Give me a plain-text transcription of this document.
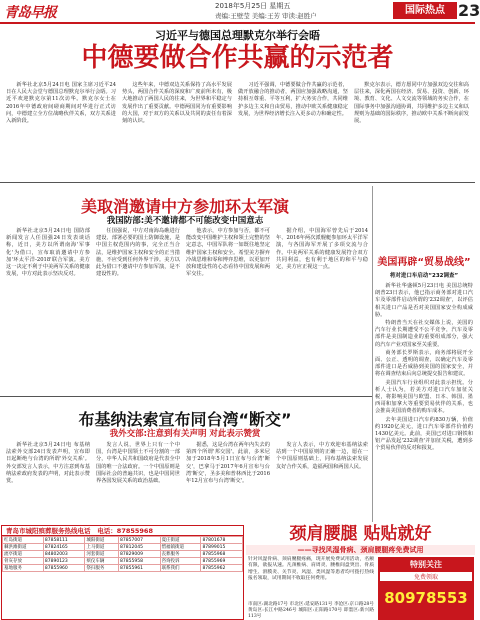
青岛早报	2018年5月25日 星期五
责编:王壁莹 美编:王芳 审读:赵胜户	国际热点 23
习近平与德国总理默克尔举行会晤
中德要做合作共赢的示范者

新华社北京5月24日电 国家主席习近平24日在人民大会堂与德国总理默克尔举行会晤。习近平欢迎默克尔第11次访华。默克尔女士在2016年中德政府间磋商期间对华进行正式访问，中德建立全方位战略伙伴关系，双方关系进入新阶段。

这些年来，中德双边关系保持了高水平发展势头，两国合作关系的深度和广度前所未有，极大地推动了两国人民的往来，为世界和平稳定与发展作出了重要贡献。中德两国同为有重要影响的大国，对于双方的关系以及共同的责任有着深刻的认识。

习近平强调，中德要做合作共赢的示范者，做开放融合的推动者，两国应加强战略沟通，坚持相互尊重、平等互利，扩大务实合作，共同维护多边主义和自由贸易，推动中欧关系健康稳定发展，为世界经济增长注入更多动力和确定性。

默克尔表示，德方愿同中方加强双边交往和高层往来，深化两国在经济、贸易、投资、创新、环境、教育、文化、人文交流等领域的务实合作，在国际事务中加强沟通协调，共同维护多边主义和以规则为基础的国际秩序，推动欧中关系不断向前发展。

美取消邀请中方参加环太军演
我国防部:美不邀请都不可能改变中国意志

新华社北京5月24日电 国防部新闻发言人任国强24日发表谈话称，近日，美方以所谓南海'军事化'为借口，宣布取消邀请中方参加'环太平洋-2018'联合军演。美方这一决定不利于中美两军关系的健康发展，中方对此表示坚决反对。

任国强说，中方对南海岛礁进行建设、部署必要的国土防御设施，是中国主权范围内的事，完全正当合法，是维护国家主权和安全的正当措施，不应受到任何外界干涉。美方以此为借口不邀请中方参加军演，是不建设性的。

他表示，中方参加与否，都不可能改变中国维护主权和领土完整的坚定意志，中国军队将一如既往地坚定维护国家主权和安全。希望美方摒弃冷战思维和零和博弈思维，以更加开放和建设性的心态看待中国发展和两军交往。

据介绍，中国海军曾先后于2014年、2016年两次派舰艇参加环太平洋军演，与各国海军开展了多项交流与合作。中美两军关系的健康发展符合双方共同利益，也有利于地区的和平与稳定，美方应正视这一点。

布基纳法索宣布同台湾“断交”
我外交部:注意到有关声明 对此表示赞赏

新华社北京5月24日电 布基纳法索外交部24日发表声明，宣布即日起断绝与台湾的所谓'外交关系'。外交部发言人表示，中方注意到布基纳法索政府发表的声明，对此表示赞赏。

发言人说，世界上只有一个中国，台湾是中国领土不可分割的一部分，中华人民共和国政府是代表全中国的唯一合法政府。一个中国原则是国际社会的普遍共识，也是中国同世界各国发展关系的政治基础。

据悉，这是台湾在两年内失去的第四个所谓'邦交国'。此前，多米尼加于2018年5月1日宣布与台湾'断交'，巴拿马于2017年6月宣布与台湾'断交'，圣多美和普林西比于2016年12月宣布与台湾'断交'。

发言人表示，中方欢迎布基纳法索站到一个中国原则的正确一边，愿在一个中国原则基础上，同布基纳法索发展友好合作关系，造福两国和两国人民。

美国再辟“贸易战线”
将对进口车启动“232调查”

新华社华盛顿5月23日电 美国总统特朗普23日表示，他已指示商务部对进口汽车及零部件启动所谓的'232调查'，以评估相关进口产品是否对美国国家安全构成威胁。

特朗普当天在社交媒体上说，美国的汽车行业长期遭受不公平竞争，汽车及零部件是美国制造业的重要组成部分，强大的汽车产业对国家至关重要。

商务部长罗斯表示，商务部将展开全面、公正、透明的调查，以确定汽车及零部件进口是否威胁到美国的国家安全，并将在调查结束后向总统提交报告和建议。

美国汽车行业组织对此表示担忧。分析人士认为，若美方对进口汽车加征关税，将影响美国与欧盟、日本、韩国、墨西哥和加拿大等重要贸易伙伴的关系，也会推高美国消费者的购车成本。

去年美国进口汽车约830万辆，价值约1920亿美元，进口汽车零部件价值约1430亿美元。此前，美国已对进口钢铁和铝产品发起'232调查'并加征关税，遭到多个贸易伙伴的反对和报复。

青岛市城阳殡葬服务热线电话 电话：87855968
红岛街道	87858111	城阳街道	87857007	夏庄街道	87801678
棘洪滩街道	87824165	上马街道	87812045	惜福镇街道	87899015
流亭街道	84802003	河套街道	87829009	丧葬服务	87855968
骨灰存放	87890123	殡仪车辆	87855958	咨询投诉	87855969
墓地服务	87855960	祭扫服务	87855961	联系我们	87855962
颈肩腰腿 贴贴就好
——寻找风湿骨病、颈肩腰腿疼免费试用
针对风湿骨病、颈肩腰腿疼痛，现开展免费试用活动，名额有限，欲报从速。凡颈椎病、肩周炎、腰椎间盘突出、骨质增生、滑膜炎、关节炎、风湿、类风湿等患者均可拨打热线报名领取，试用期间不收取任何费用。
市南区:湖北路17号 市北区:延安路131号 李沧区:京口路28号 黄岛区:长江中路246号 城阳区:正阳路170号 即墨区:新兴路113号
特别关注
免费领取
80978553
